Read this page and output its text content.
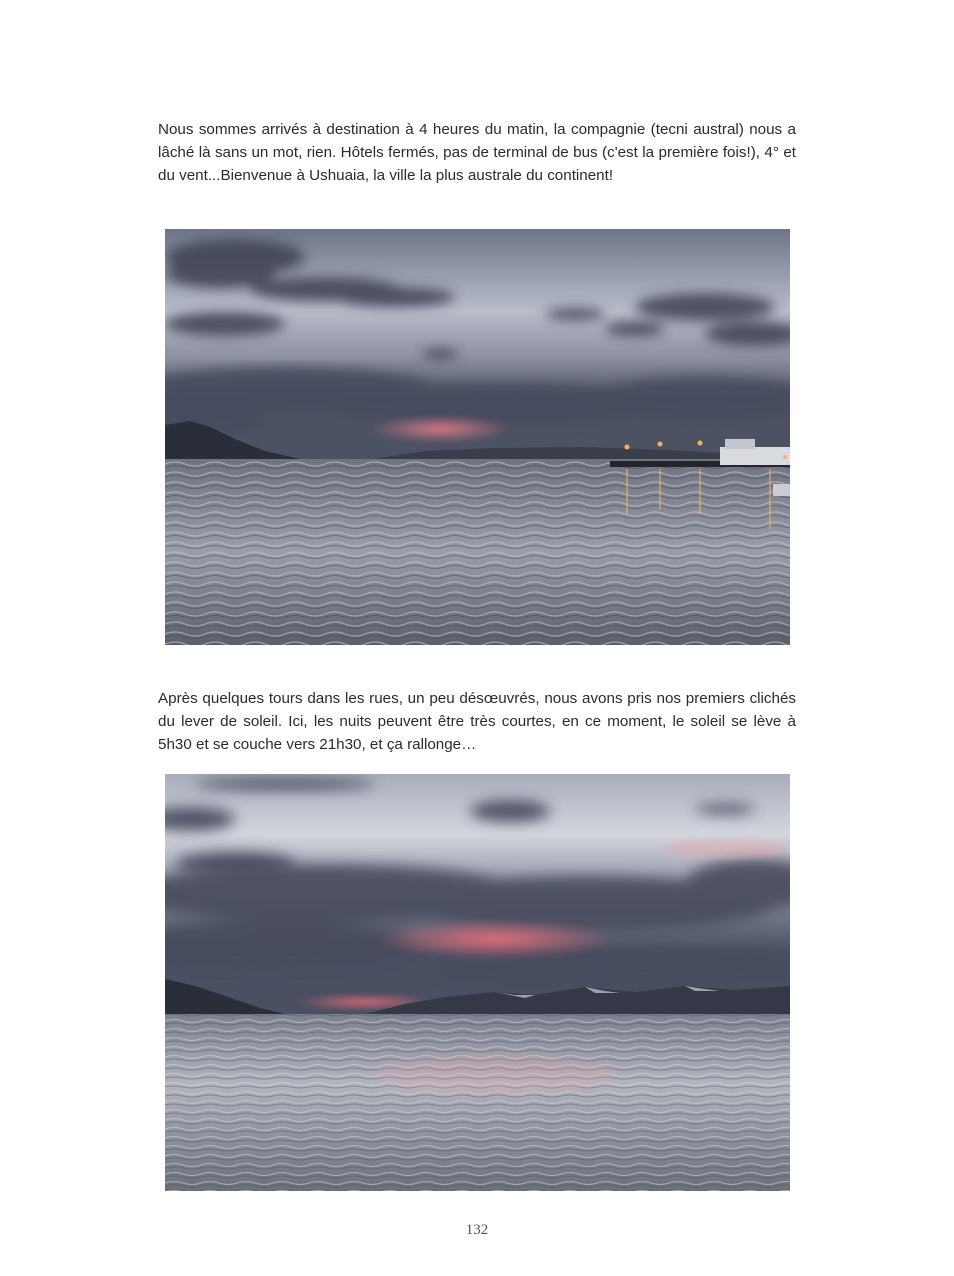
Nous sommes arrivés à destination à 4 heures du matin, la compagnie (tecni austral) nous a lâché là sans un mot, rien. Hôtels fermés, pas de terminal de bus (c'est la première fois!), 4° et du vent...Bienvenue à Ushuaia, la ville la plus australe du continent!

Après quelques tours dans les rues, un peu désœuvrés, nous avons pris nos premiers clichés du lever de soleil. Ici, les nuits peuvent être très courtes, en ce moment, le soleil se lève à 5h30 et se couche vers 21h30, et ça rallonge…

132
